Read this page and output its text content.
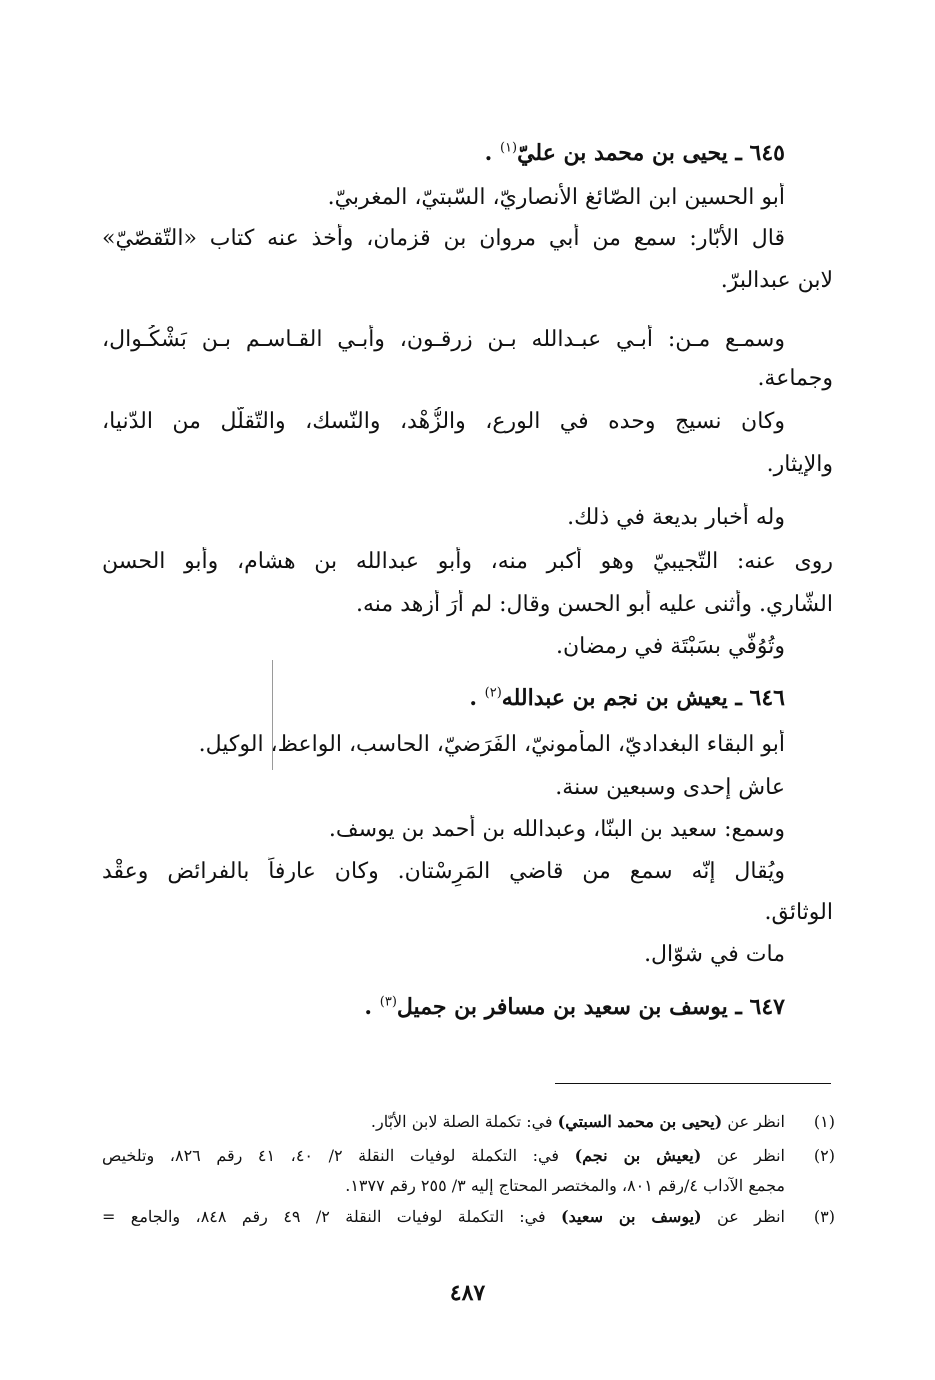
٦٤٥ ـ يحيى بن محمد بن عليّ$^{(١)}$ .
أبو الحسين ابن الصّائغ الأنصاريّ، السّبتيّ، المغربيّ.
قال الأَبّار: سمع من أبي مروان بن قزمان، وأخذ عنه كتاب «التّقصّيّ»
لابن عبدالبرّ.
وسمـع مـن: أبـي عبـدالله بـن زرقـون، وأبـي القـاسـم بـن بَشْكُـوال،
وجماعة.
وكان نسيج وحده في الورع، والزُّهْد، والنّسك، والتّقلُّل من الدّنيا،
والإيثار.
وله أخبار بديعة في ذلك.
روى عنه: التّجيبيّ وهو أكبر منه، وأبو عبدالله بن هشام، وأبو الحسن
الشّاري. وأثنى عليه أبو الحسن وقال: لم أرَ أزهد منه.
وتُوُفّي بسَبْتَة في رمضان.
٦٤٦ ـ يعيش بن نجم بن عبدالله$^{(٢)}$ .
أبو البقاء البغداديّ، المأمونيّ، الفَرَضيّ، الحاسب، الواعظ، الوكيل.
عاش إحدى وسبعين سنة.
وسمع: سعيد بن البنّا، وعبدالله بن أحمد بن يوسف.
ويُقال إنّه سمع من قاضي المَرِسْتان. وكان عارفاً بالفرائض وعقْد
الوثائق.
مات في شوّال.
٦٤٧ ـ يوسف بن سعيد بن مسافر بن جميل$^{(٣)}$ .
(١)
انظر عن (يحيى بن محمد السبتي) في: تكملة الصلة لابن الأبّار.
(٢)
انظر عن (يعيش بن نجم) في: التكملة لوفيات النقلة ٢/ ٤٠، ٤١ رقم ٨٢٦، وتلخيص
مجمع الآداب ٤/رقم ٨٠١، والمختصر المحتاج إليه ٣/ ٢٥٥ رقم ١٣٧٧.
(٣)
انظر عن (يوسف بن سعيد) في: التكملة لوفيات النقلة ٢/ ٤٩ رقم ٨٤٨، والجامع =
٤٨٧
